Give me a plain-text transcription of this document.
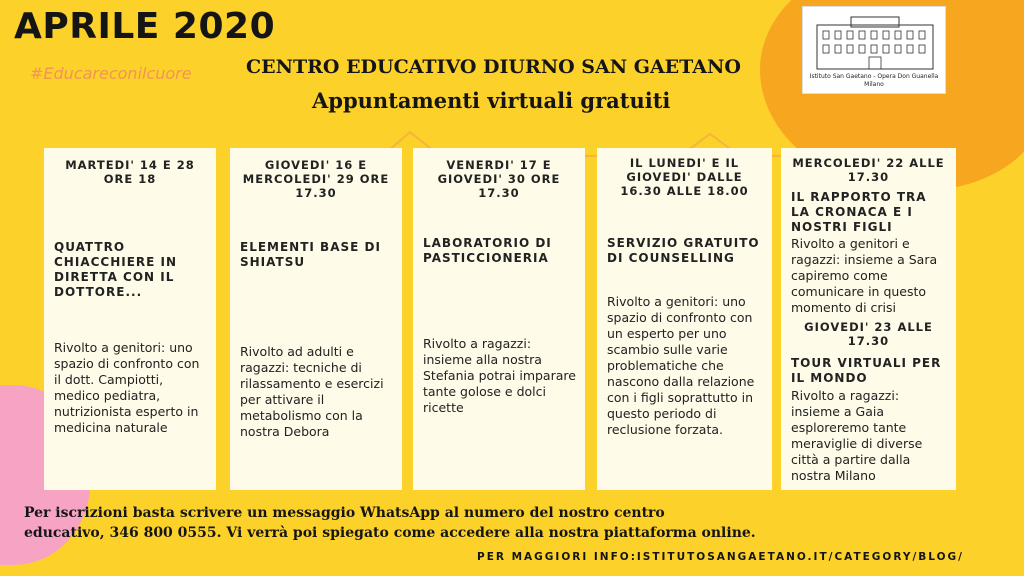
APRILE 2020
#Educareconilcuore	CENTRO EDUCATIVO DIURNO SAN GAETANO
Appuntamenti virtuali gratuiti
Istituto San Gaetano - Opera Don Guanella
Milano
MARTEDI' 14 E 28 ORE 18
QUATTRO CHIACCHIERE IN DIRETTA CON IL DOTTORE...
Rivolto a genitori: uno spazio di confronto con il dott. Campiotti, medico pediatra, nutrizionista esperto in medicina naturale
GIOVEDI' 16 E MERCOLEDI' 29 ORE 17.30
ELEMENTI BASE DI SHIATSU
Rivolto ad adulti e ragazzi: tecniche di rilassamento e esercizi per attivare il metabolismo con la nostra Debora
VENERDI' 17 E GIOVEDI' 30 ORE 17.30
LABORATORIO DI PASTICCIONERIA
Rivolto a ragazzi: insieme alla nostra Stefania potrai imparare tante golose e dolci ricette
IL LUNEDI' E IL GIOVEDI' DALLE 16.30 ALLE 18.00
SERVIZIO GRATUITO DI COUNSELLING
Rivolto a genitori: uno spazio di confronto con un esperto per uno scambio sulle varie problematiche che nascono dalla relazione con i figli soprattutto in questo periodo di reclusione forzata.
MERCOLEDI' 22 ALLE 17.30
IL RAPPORTO TRA LA CRONACA E I NOSTRI FIGLI
Rivolto a genitori e ragazzi: insieme a Sara capiremo come comunicare in questo momento di crisi
GIOVEDI' 23 ALLE 17.30
TOUR VIRTUALI PER IL MONDO
Rivolto a ragazzi: insieme a Gaia esploreremo tante meraviglie di diverse città a partire dalla nostra Milano
Per iscrizioni basta scrivere un messaggio WhatsApp al numero del nostro centro
educativo, 346 800 0555. Vi verrà poi spiegato come accedere alla nostra piattaforma online.
PER MAGGIORI INFO:ISTITUTOSANGAETANO.IT/CATEGORY/BLOG/
